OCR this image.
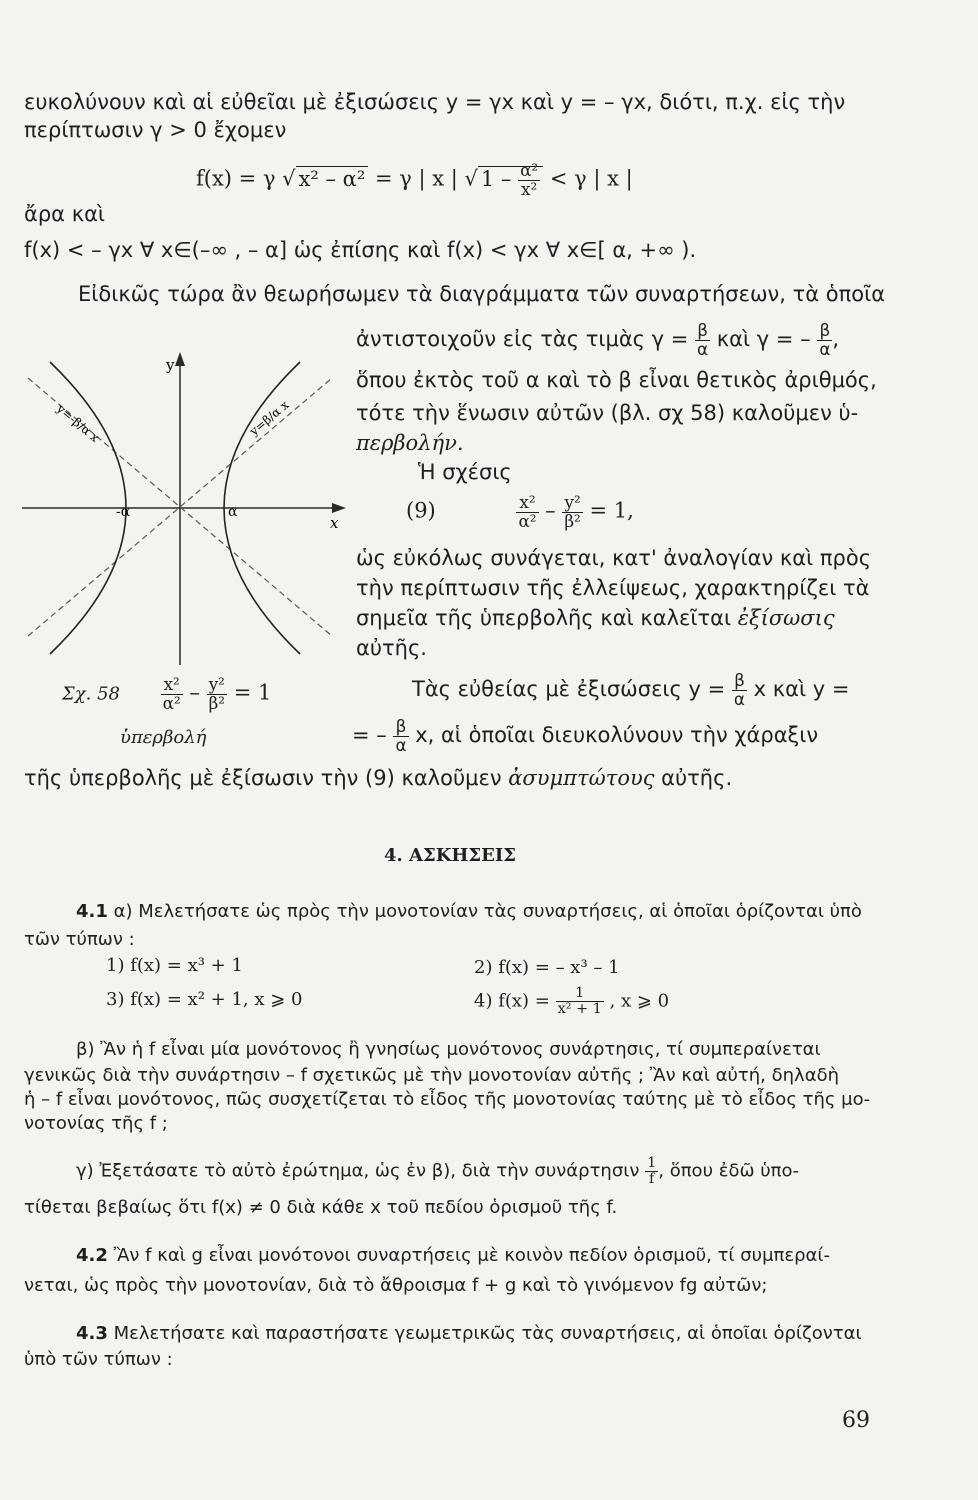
ευκολύνουν καὶ αἱ εὐθεῖαι μὲ ἐξισώσεις y = γx καὶ y = – γx, διότι, π.χ. εἰς τὴν
περίπτωσιν γ > 0 ἔχομεν
f(x) = γ √ x² – α² = γ | x | √ $1 - \frac{\text{α²}}{\text{x²}} < \gamma$ | x |
ἄρα καὶ
f(x) < – γx ∀ x∈(–∞ , – α] ὡς ἐπίσης καὶ f(x) < γx ∀ x∈[ α, +∞ ).
Εἰδικῶς τώρα ἂν θεωρήσωμεν τὰ διαγράμματα τῶν συναρτήσεων, τὰ ὁποῖα
ἀντιστοιχοῦν εἰς τὰς τιμὰς $\gamma = \frac{\beta}{\alpha}$ καὶ γ = – $\frac{\beta}{\alpha}$ ,
ὅπου ἐκτὸς τοῦ α καὶ τὸ β εἶναι θετικὸς ἀριθμός,
τότε τὴν ἕνωσιν αὐτῶν (βλ. σχ 58) καλοῦμεν ὑ-
περβολήν.
Ἡ σχέσις
(9)	$\frac{\text{x²}}{\text{α²}} - \frac{\text{y²}}{\text{β²}} = 1$,
ὡς εὐκόλως συνάγεται, κατ' ἀναλογίαν καὶ πρὸς
τὴν περίπτωσιν τῆς ἐλλείψεως, χαρακτηρίζει τὰ
σημεῖα τῆς ὑπερβολῆς καὶ καλεῖται ἐξίσωσις
αὐτῆς.
Τὰς εὐθείας μὲ ἐξισώσεις $y = \frac{\beta}{\alpha}$ x καὶ y =
= – $\frac{\beta}{\alpha} x$, αἱ ὁποῖαι διευκολύνουν τὴν χάραξιν
τῆς ὑπερβολῆς μὲ ἐξίσωσιν τὴν (9) καλοῦμεν ἀσυμπτώτους αὐτῆς.
y
x
-α	α
y=-β/α x	y=β/α x
Σχ. $58 \frac{\text{x²}}{\text{α²}} - \frac{\text{y²}}{\text{β²}} = 1$
ὑπερβολή
4. ΑΣΚΗΣΕΙΣ
4.1 α) Μελετήσατε ὡς πρὸς τὴν μονοτονίαν τὰς συναρτήσεις, αἱ ὁποῖαι ὁρίζονται ὑπὸ
τῶν τύπων :
1) f(x) = x³ + 1	2) f(x) = – x³ – 1
3) f(x) = x² + 1, x ⩾ 0	4) $f(x) = \frac{1}{\text{x² + 1}}$ , x ⩾ 0
β) Ἂν ἡ f εἶναι μία μονότονος ἢ γνησίως μονότονος συνάρτησις, τί συμπεραίνεται
γενικῶς διὰ τὴν συνάρτησιν – f σχετικῶς μὲ τὴν μονοτονίαν αὐτῆς ; Ἂν καὶ αὐτή, δηλαδὴ
ἡ – f εἶναι μονότονος, πῶς συσχετίζεται τὸ εἶδος τῆς μονοτονίας ταύτης μὲ τὸ εἶδος τῆς μο-
νοτονίας τῆς f ;
γ) Ἐξετάσατε τὸ αὐτὸ ἐρώτημα, ὡς ἐν β), διὰ τὴν συνάρτησιν $\frac{1}{f}$ , ὅπου ἐδῶ ὑπο-
τίθεται βεβαίως ὅτι f(x) ≠ 0 διὰ κάθε x τοῦ πεδίου ὁρισμοῦ τῆς f.
4.2 Ἂν f καὶ g εἶναι μονότονοι συναρτήσεις μὲ κοινὸν πεδίον ὁρισμοῦ, τί συμπεραί-
νεται, ὡς πρὸς τὴν μονοτονίαν, διὰ τὸ ἄθροισμα f + g καὶ τὸ γινόμενον fg αὐτῶν;
4.3 Μελετήσατε καὶ παραστήσατε γεωμετρικῶς τὰς συναρτήσεις, αἱ ὁποῖαι ὁρίζονται
ὑπὸ τῶν τύπων :
69
